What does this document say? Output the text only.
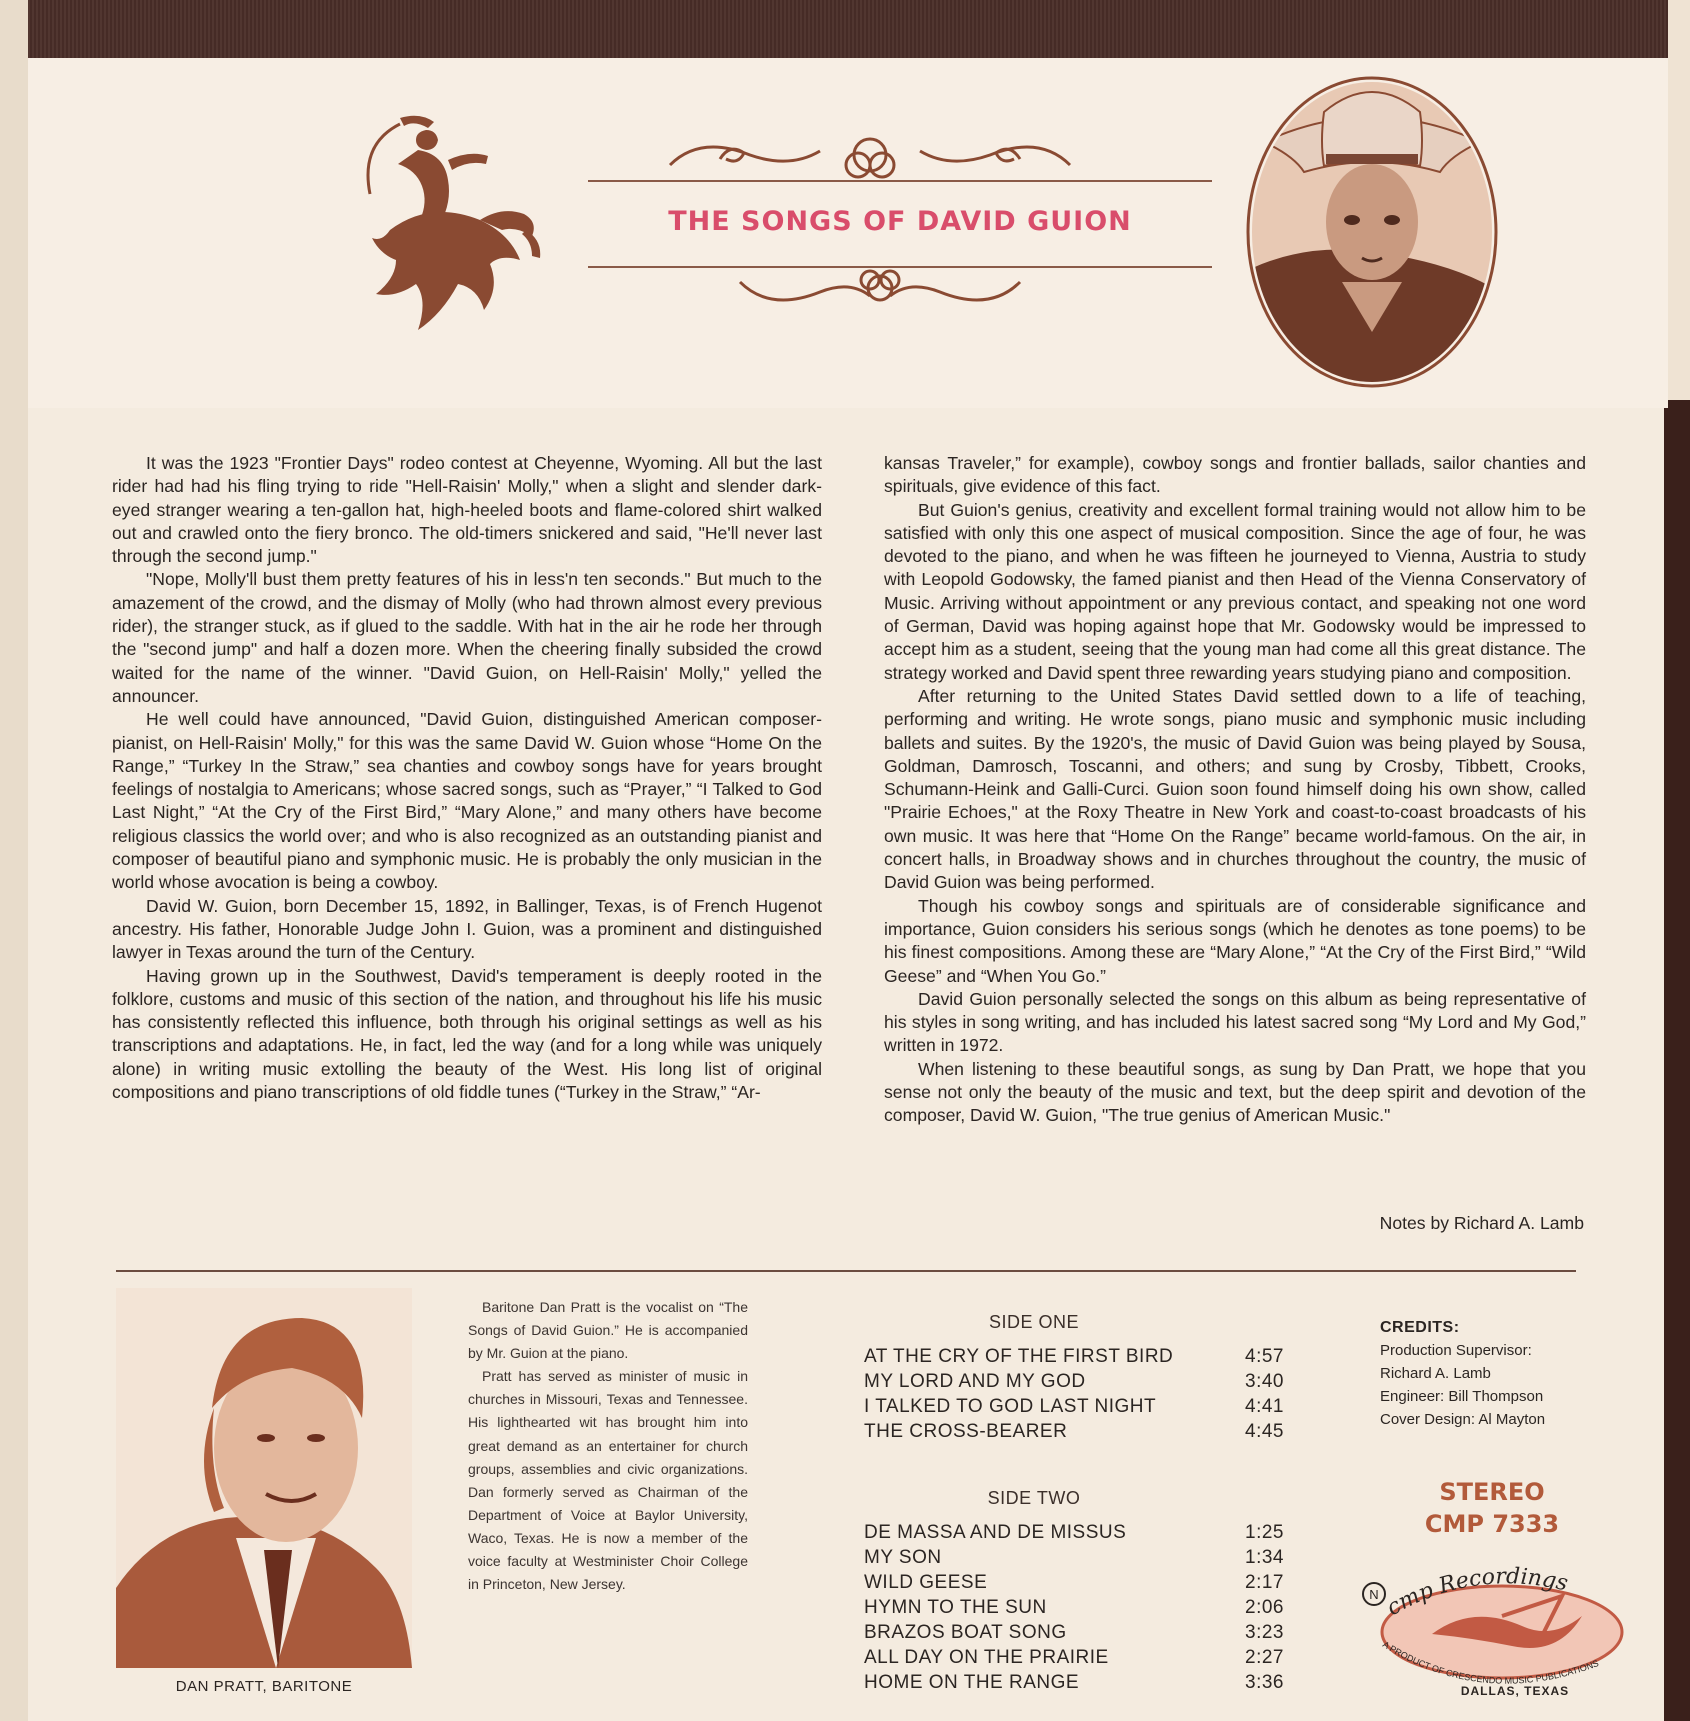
THE SONGS OF DAVID GUION

It was the 1923 "Frontier Days" rodeo contest at Cheyenne, Wyoming. All but the last rider had had his fling trying to ride "Hell-Raisin' Molly," when a slight and slender dark-eyed stranger wearing a ten-gallon hat, high-heeled boots and flame-colored shirt walked out and crawled onto the fiery bronco. The old-timers snickered and said, "He'll never last through the second jump."

"Nope, Molly'll bust them pretty features of his in less'n ten seconds." But much to the amazement of the crowd, and the dismay of Molly (who had thrown almost every previous rider), the stranger stuck, as if glued to the saddle. With hat in the air he rode her through the "second jump" and half a dozen more. When the cheering finally subsided the crowd waited for the name of the winner. "David Guion, on Hell-Raisin' Molly," yelled the announcer.

He well could have announced, "David Guion, distinguished American composer-pianist, on Hell-Raisin' Molly," for this was the same David W. Guion whose “Home On the Range,” “Turkey In the Straw,” sea chanties and cowboy songs have for years brought feelings of nostalgia to Americans; whose sacred songs, such as “Prayer,” “I Talked to God Last Night,” “At the Cry of the First Bird,” “Mary Alone,” and many others have become religious classics the world over; and who is also recognized as an outstanding pianist and composer of beautiful piano and symphonic music. He is probably the only musician in the world whose avocation is being a cowboy.

David W. Guion, born December 15, 1892, in Ballinger, Texas, is of French Hugenot ancestry. His father, Honorable Judge John I. Guion, was a prominent and distinguished lawyer in Texas around the turn of the Century.

Having grown up in the Southwest, David's temperament is deeply rooted in the folklore, customs and music of this section of the nation, and throughout his life his music has consistently reflected this influence, both through his original settings as well as his transcriptions and adaptations. He, in fact, led the way (and for a long while was uniquely alone) in writing music extolling the beauty of the West. His long list of original compositions and piano transcriptions of old fiddle tunes (“Turkey in the Straw,” “Ar-

kansas Traveler,” for example), cowboy songs and frontier ballads, sailor chanties and spirituals, give evidence of this fact.

But Guion's genius, creativity and excellent formal training would not allow him to be satisfied with only this one aspect of musical composition. Since the age of four, he was devoted to the piano, and when he was fifteen he journeyed to Vienna, Austria to study with Leopold Godowsky, the famed pianist and then Head of the Vienna Conservatory of Music. Arriving without appointment or any previous contact, and speaking not one word of German, David was hoping against hope that Mr. Godowsky would be impressed to accept him as a student, seeing that the young man had come all this great distance. The strategy worked and David spent three rewarding years studying piano and composition.

After returning to the United States David settled down to a life of teaching, performing and writing. He wrote songs, piano music and symphonic music including ballets and suites. By the 1920's, the music of David Guion was being played by Sousa, Goldman, Damrosch, Toscanni, and others; and sung by Crosby, Tibbett, Crooks, Schumann-Heink and Galli-Curci. Guion soon found himself doing his own show, called "Prairie Echoes," at the Roxy Theatre in New York and coast-to-coast broadcasts of his own music. It was here that “Home On the Range” became world-famous. On the air, in concert halls, in Broadway shows and in churches throughout the country, the music of David Guion was being performed.

Though his cowboy songs and spirituals are of considerable significance and importance, Guion considers his serious songs (which he denotes as tone poems) to be his finest compositions. Among these are “Mary Alone,” “At the Cry of the First Bird,” “Wild Geese” and “When You Go.”

David Guion personally selected the songs on this album as being representative of his styles in song writing, and has included his latest sacred song “My Lord and My God,” written in 1972.

When listening to these beautiful songs, as sung by Dan Pratt, we hope that you sense not only the beauty of the music and text, but the deep spirit and devotion of the composer, David W. Guion, "The true genius of American Music."

Notes by Richard A. Lamb
DAN PRATT, BARITONE

Baritone Dan Pratt is the vocalist on “The Songs of David Guion.” He is accompanied by Mr. Guion at the piano.

Pratt has served as minister of music in churches in Missouri, Texas and Tennessee. His lighthearted wit has brought him into great demand as an entertainer for church groups, assemblies and civic organizations. Dan formerly served as Chairman of the Department of Voice at Baylor University, Waco, Texas. He is now a member of the voice faculty at Westminister Choir College in Princeton, New Jersey.

SIDE ONE
AT THE CRY OF THE FIRST BIRD	4:57
MY LORD AND MY GOD	3:40
I TALKED TO GOD LAST NIGHT	4:41
THE CROSS-BEARER	4:45
SIDE TWO
DE MASSA AND DE MISSUS	1:25
MY SON	1:34
WILD GEESE	2:17
HYMN TO THE SUN	2:06
BRAZOS BOAT SONG	3:23
ALL DAY ON THE PRAIRIE	2:27
HOME ON THE RANGE	3:36
CREDITS:
Production Supervisor:
Richard A. Lamb
Engineer: Bill Thompson
Cover Design: Al Mayton
STEREO
CMP 7333
N cmp Recordings
A PRODUCT OF CRESCENDO MUSIC PUBLICATIONS
DALLAS, TEXAS
